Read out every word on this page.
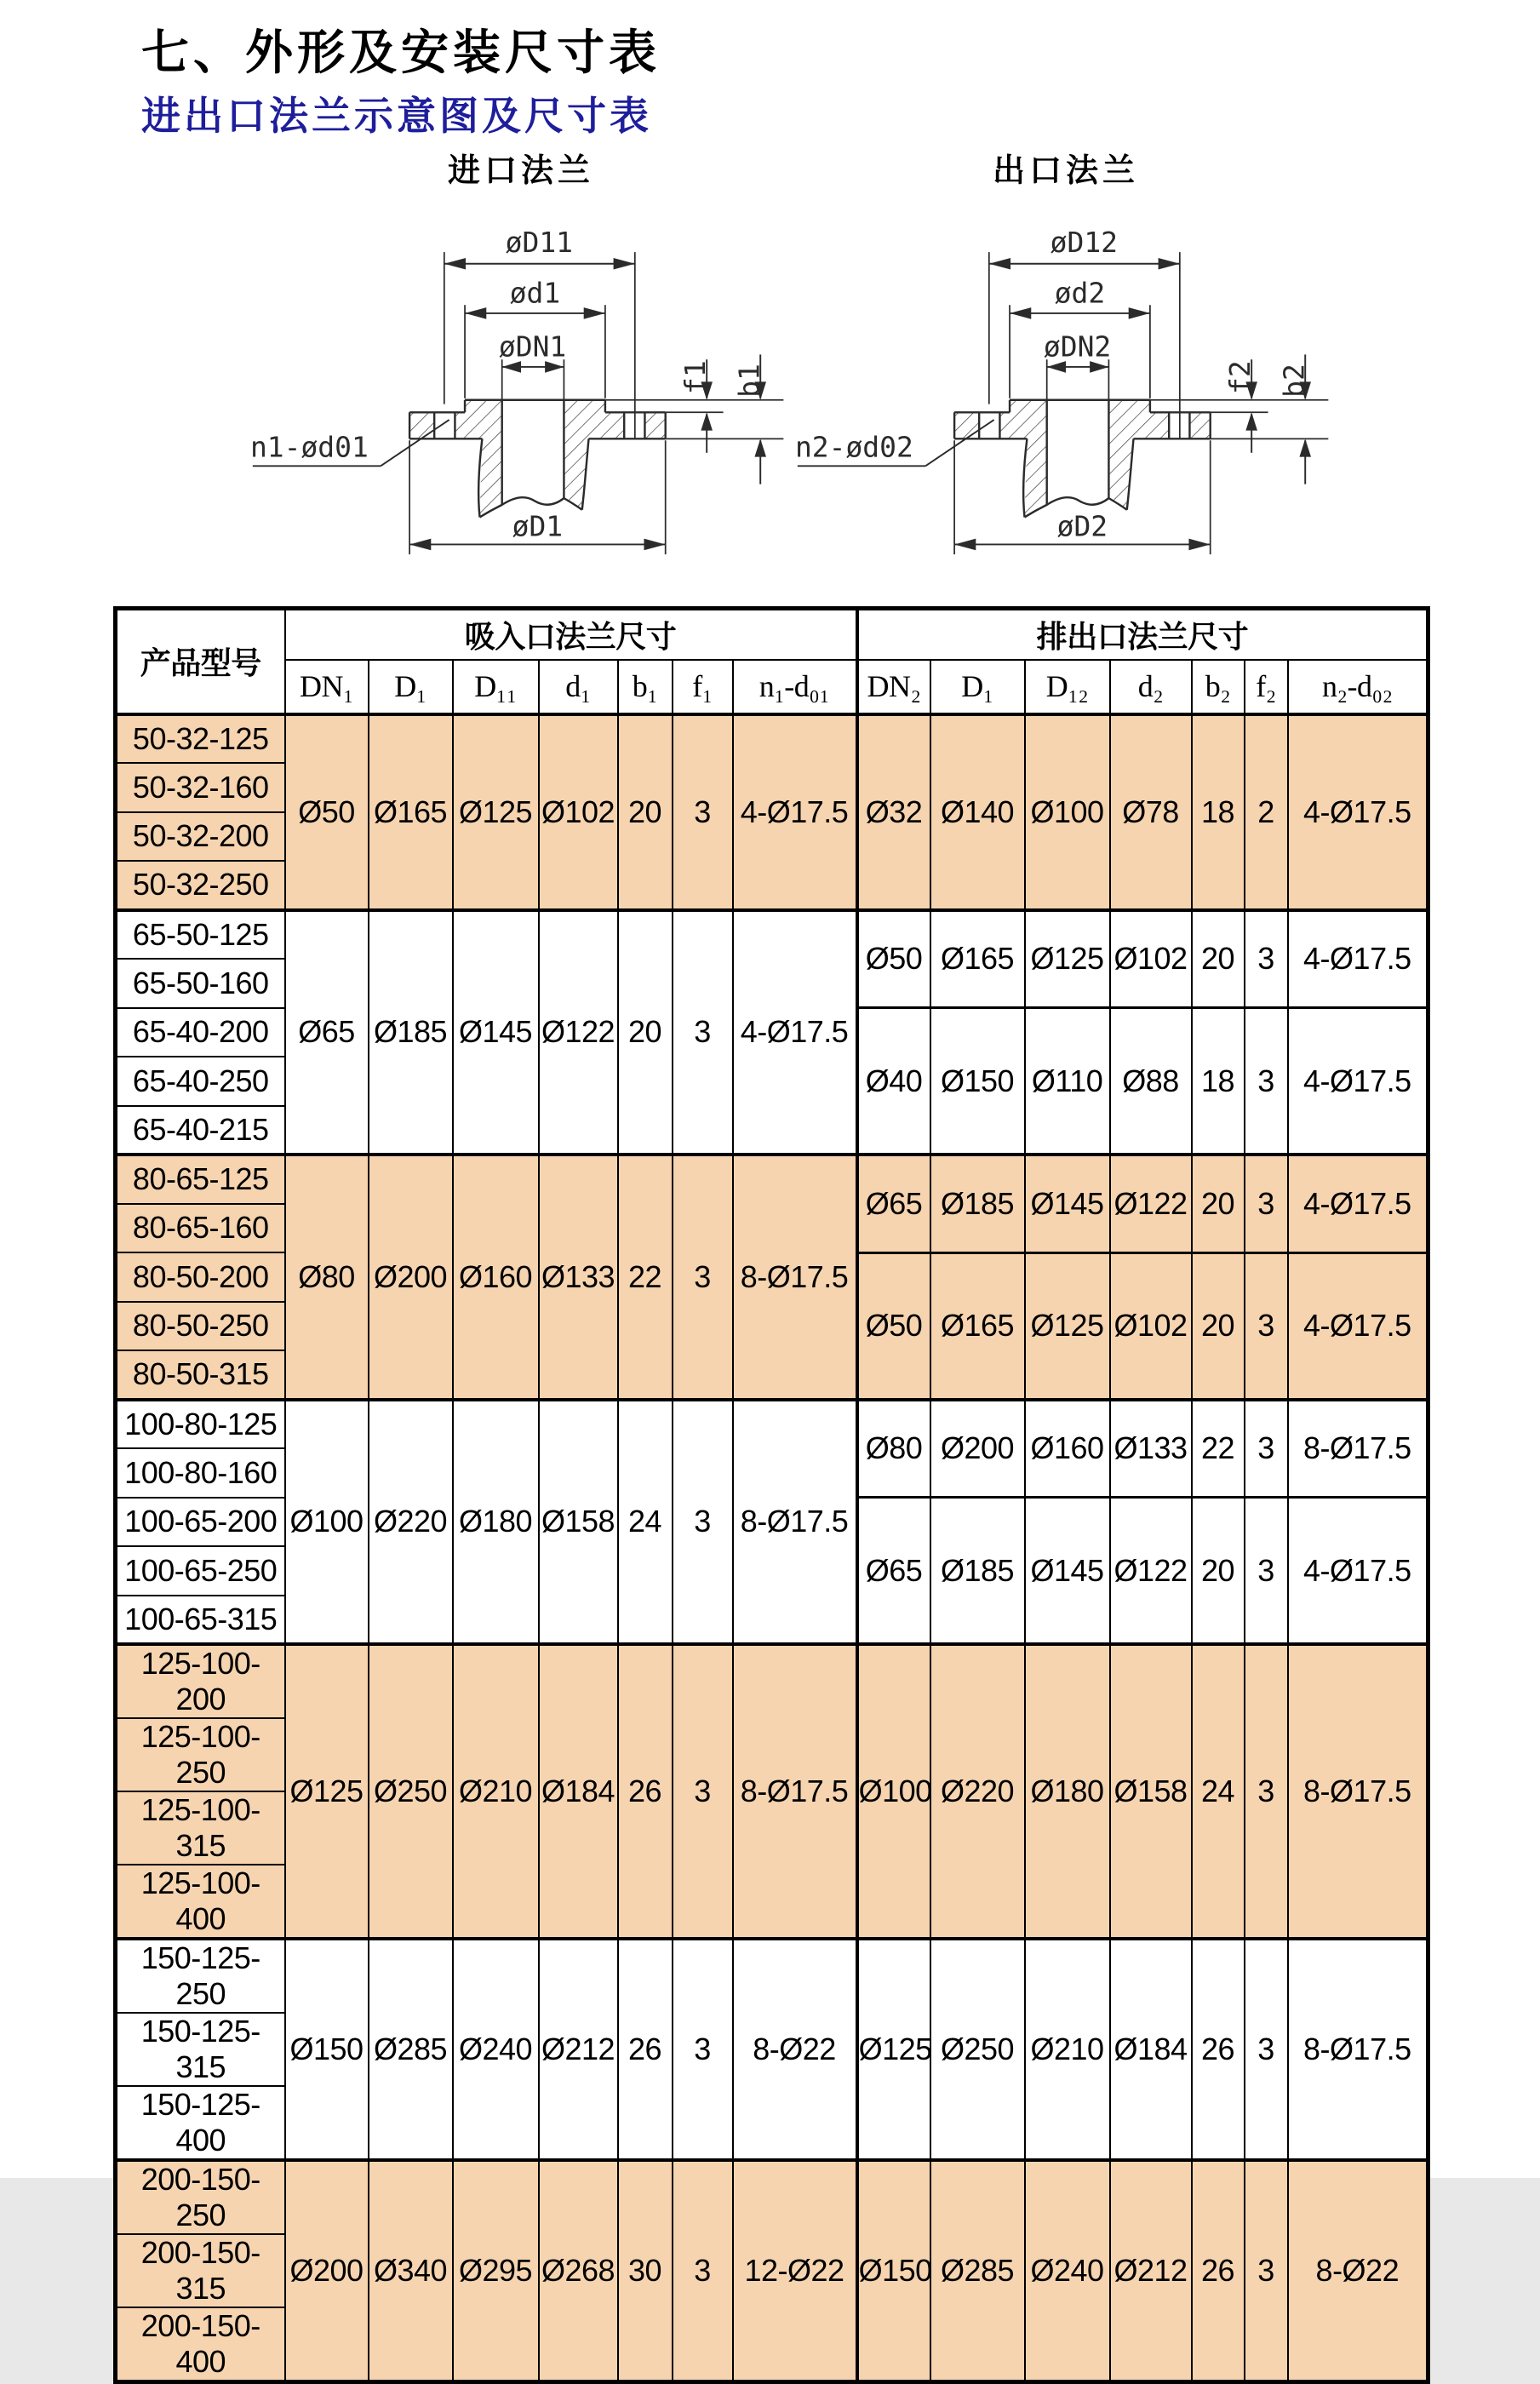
七、外形及安装尺寸表
进出口法兰示意图及尺寸表
进口法兰
øD11
ød1
øDN1
øD1
f1 b1
n1-ød01
出口法兰
øD12
ød2
øDN2
øD2
f2 b2
n2-ød02
产品型号	吸入口法兰尺寸							排出口法兰尺寸						
	DN₁	D₁	D₁₁	d₁	b₁	f₁	n₁-d₀₁	DN₂	D₁	D₁₂	d₂	b₂	f₂	n₂-d₀₂
50-32-125	Ø50	Ø165	Ø125	Ø102	20	3	4-Ø17.5	Ø32	Ø140	Ø100	Ø78	18	2	4-Ø17.5
50-32-160														
50-32-200														
50-32-250														
65-50-125	Ø65	Ø185	Ø145	Ø122	20	3	4-Ø17.5	Ø50	Ø165	Ø125	Ø102	20	3	4-Ø17.5
65-50-160														
65-40-200								Ø40	Ø150	Ø110	Ø88	18	3	4-Ø17.5
65-40-250														
65-40-215														
80-65-125	Ø80	Ø200	Ø160	Ø133	22	3	8-Ø17.5	Ø65	Ø185	Ø145	Ø122	20	3	4-Ø17.5
80-65-160														
80-50-200								Ø50	Ø165	Ø125	Ø102	20	3	4-Ø17.5
80-50-250														
80-50-315														
100-80-125	Ø100	Ø220	Ø180	Ø158	24	3	8-Ø17.5	Ø80	Ø200	Ø160	Ø133	22	3	8-Ø17.5
100-80-160														
100-65-200								Ø65	Ø185	Ø145	Ø122	20	3	4-Ø17.5
100-65-250														
100-65-315														
125-100-200	Ø125	Ø250	Ø210	Ø184	26	3	8-Ø17.5	Ø100	Ø220	Ø180	Ø158	24	3	8-Ø17.5
125-100-250														
125-100-315														
125-100-400														
150-125-250	Ø150	Ø285	Ø240	Ø212	26	3	8-Ø22	Ø125	Ø250	Ø210	Ø184	26	3	8-Ø17.5
150-125-315														
150-125-400														
200-150-250	Ø200	Ø340	Ø295	Ø268	30	3	12-Ø22	Ø150	Ø285	Ø240	Ø212	26	3	8-Ø22
200-150-315														
200-150-400														
